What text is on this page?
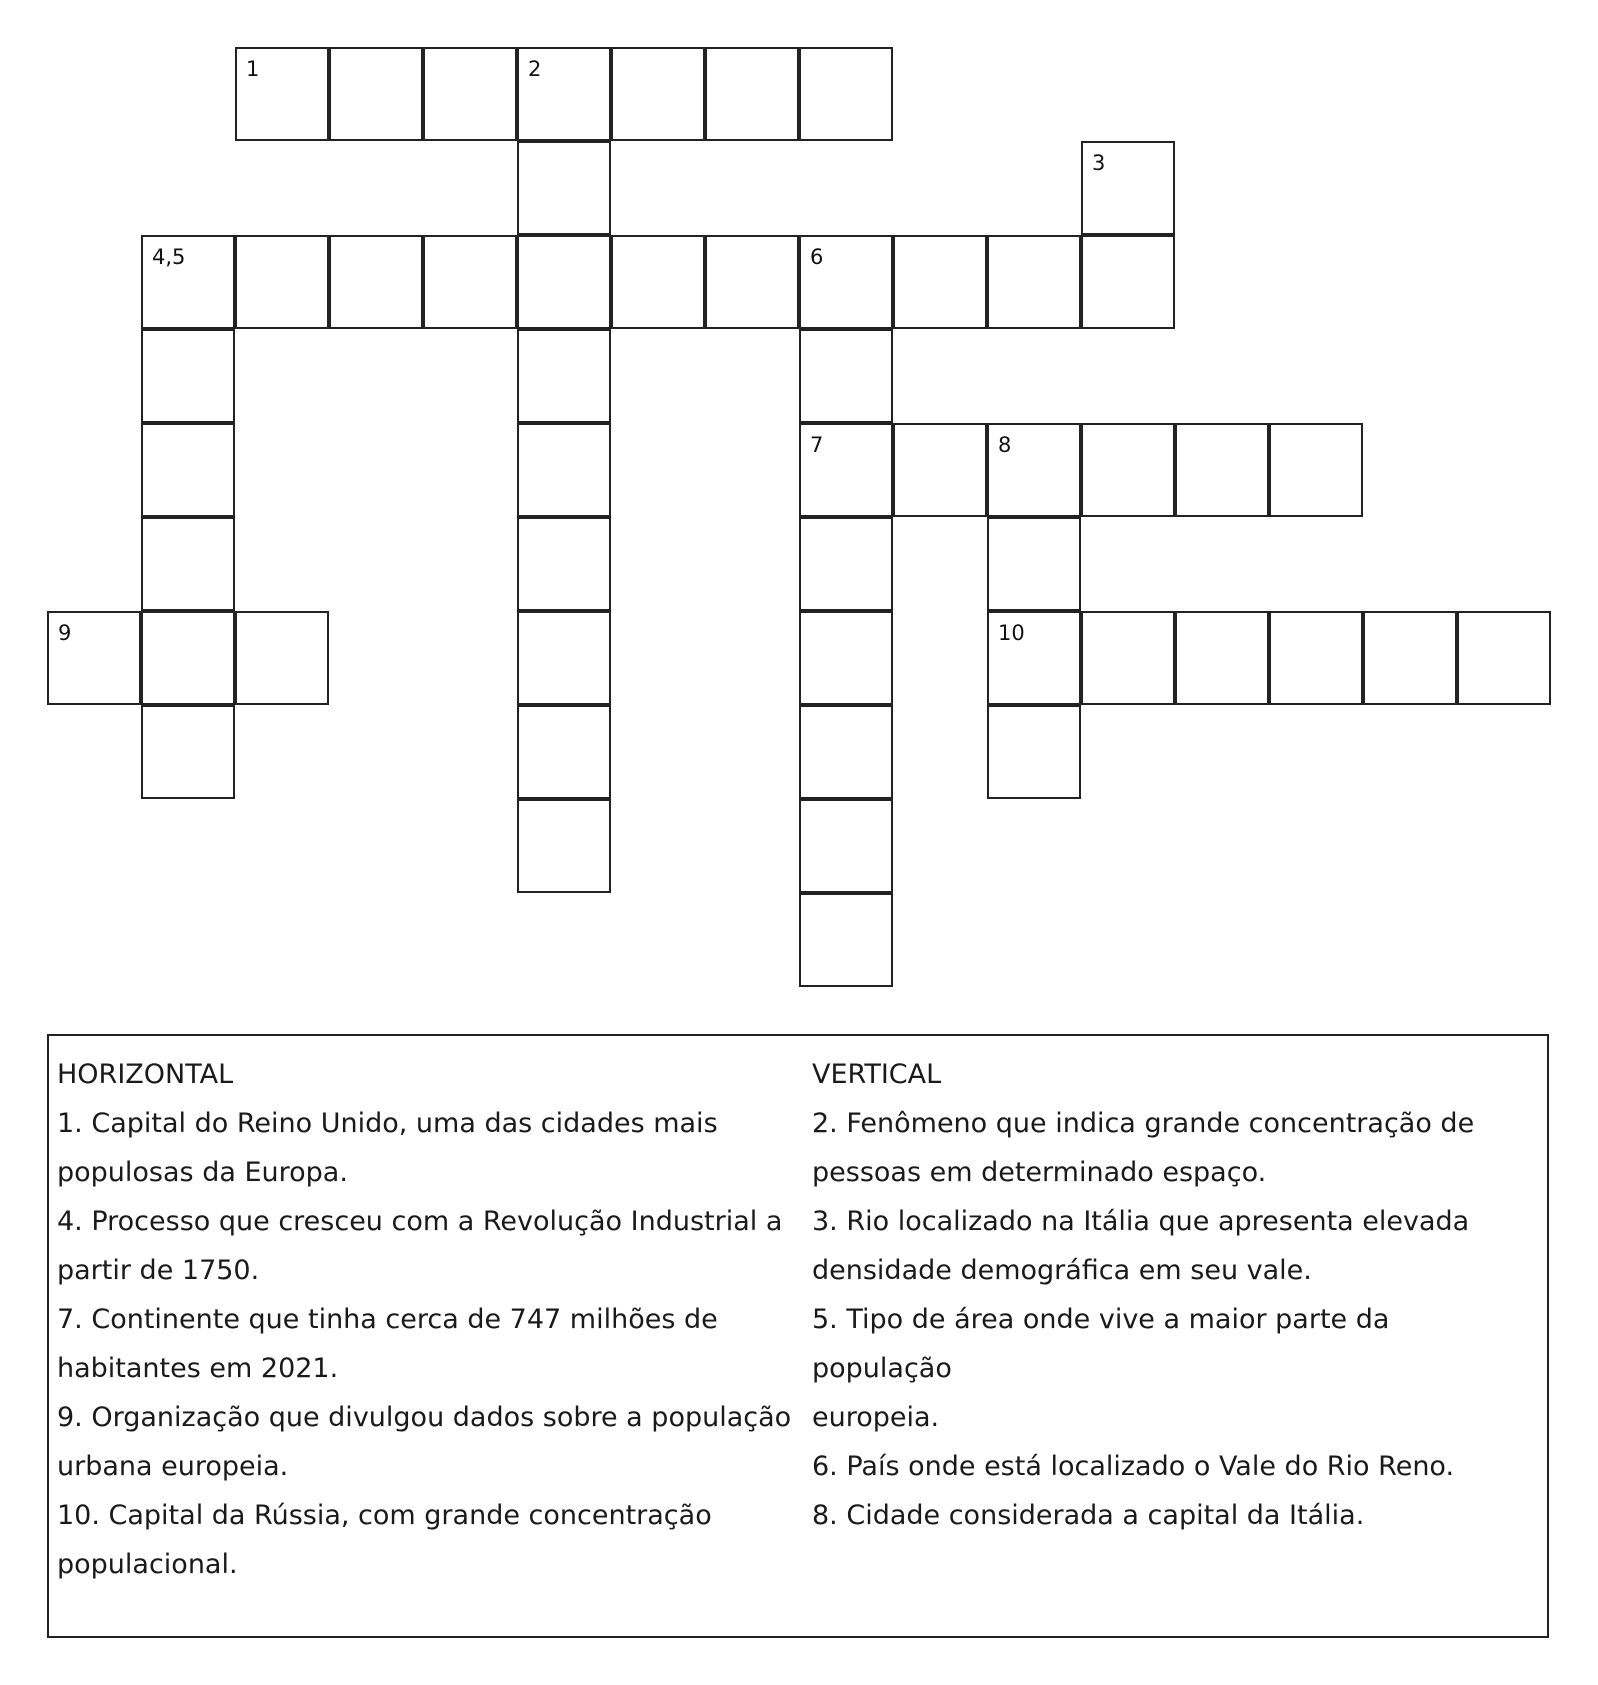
1	2
3
4,5	6
7	8
9	10
HORIZONTAL
1. Capital do Reino Unido, uma das cidades mais
populosas da Europa.
4. Processo que cresceu com a Revolução Industrial a
partir de 1750.
7. Continente que tinha cerca de 747 milhões de
habitantes em 2021.
9. Organização que divulgou dados sobre a população
urbana europeia.
10. Capital da Rússia, com grande concentração
populacional.
VERTICAL
2. Fenômeno que indica grande concentração de
pessoas em determinado espaço.
3. Rio localizado na Itália que apresenta elevada
densidade demográfica em seu vale.
5. Tipo de área onde vive a maior parte da população
europeia.
6. País onde está localizado o Vale do Rio Reno.
8. Cidade considerada a capital da Itália.
